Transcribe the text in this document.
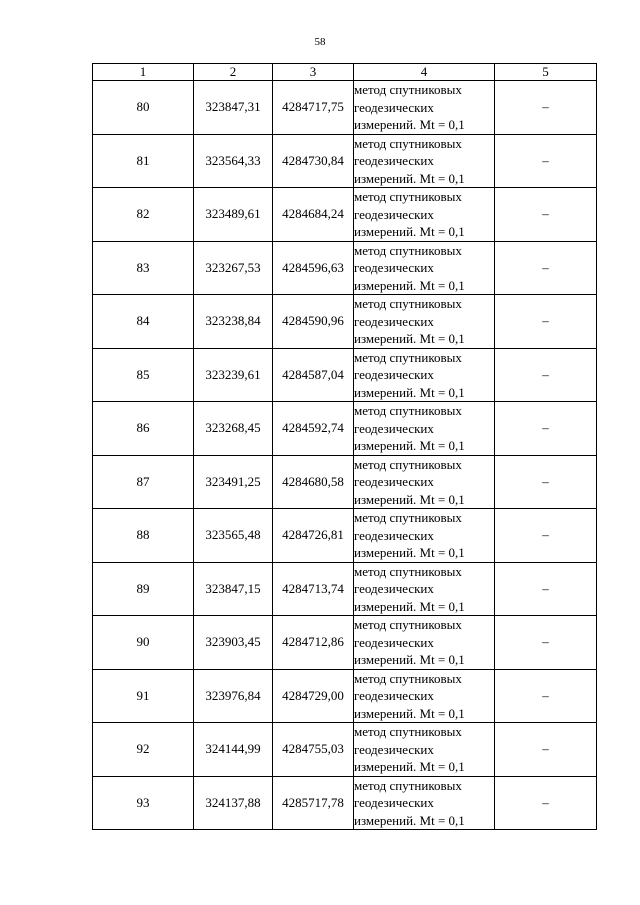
58
1	2	3	4	5
80	323847,31	4284717,75	метод спутниковых
геодезических
измерений. Mt = 0,1	–
81	323564,33	4284730,84	метод спутниковых
геодезических
измерений. Mt = 0,1	–
82	323489,61	4284684,24	метод спутниковых
геодезических
измерений. Mt = 0,1	–
83	323267,53	4284596,63	метод спутниковых
геодезических
измерений. Mt = 0,1	–
84	323238,84	4284590,96	метод спутниковых
геодезических
измерений. Mt = 0,1	–
85	323239,61	4284587,04	метод спутниковых
геодезических
измерений. Mt = 0,1	–
86	323268,45	4284592,74	метод спутниковых
геодезических
измерений. Mt = 0,1	–
87	323491,25	4284680,58	метод спутниковых
геодезических
измерений. Mt = 0,1	–
88	323565,48	4284726,81	метод спутниковых
геодезических
измерений. Mt = 0,1	–
89	323847,15	4284713,74	метод спутниковых
геодезических
измерений. Mt = 0,1	–
90	323903,45	4284712,86	метод спутниковых
геодезических
измерений. Mt = 0,1	–
91	323976,84	4284729,00	метод спутниковых
геодезических
измерений. Mt = 0,1	–
92	324144,99	4284755,03	метод спутниковых
геодезических
измерений. Mt = 0,1	–
93	324137,88	4285717,78	метод спутниковых
геодезических
измерений. Mt = 0,1	–
